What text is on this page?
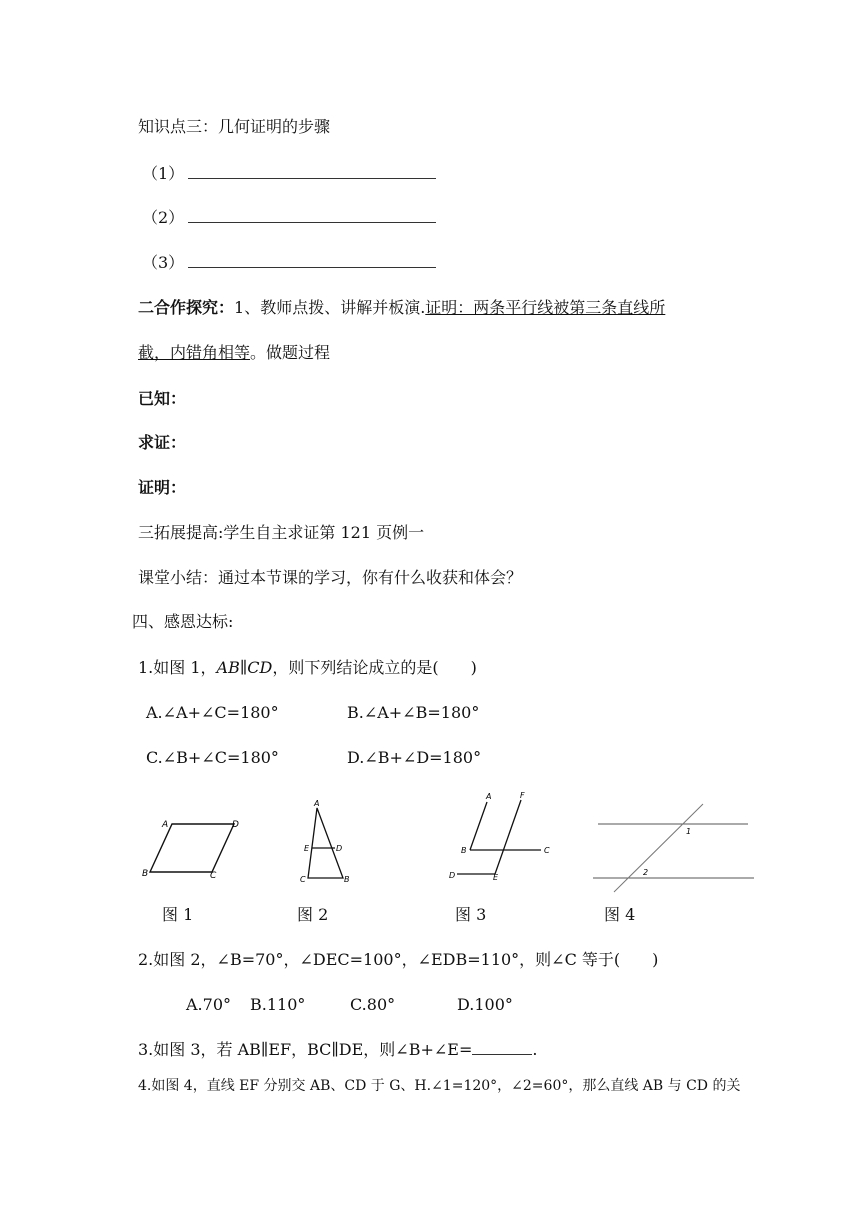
知识点三：几何证明的步骤
（1）
（2）
（3）
二合作探究：1、教师点拨、讲解并板演.证明：两条平行线被第三条直线所
截，内错角相等。做题过程
已知：
求证：
证明：
三拓展提高:学生自主求证第 121 页例一
课堂小结：通过本节课的学习，你有什么收获和体会？
四、感恩达标:
1.如图 1，AB∥CD，则下列结论成立的是(　　)
A.∠A+∠C=180°	B.∠A+∠B=180°
C.∠B+∠C=180°	D.∠B+∠D=180°
A	D
B	C
图 1
A
E	D
C	B
图 2
A	F
B	C
D	E
图 3
1
2
图 4
2.如图 2，∠B=70°，∠DEC=100°，∠EDB=110°，则∠C 等于(　　)
A.70° B.110°	C.80°	D.100°
3.如图 3，若 AB∥EF，BC∥DE，则∠B+∠E=	.
4.如图 4，直线 EF 分别交 AB、CD 于 G、H.∠1=120°，∠2=60°，那么直线 AB 与 CD 的关
